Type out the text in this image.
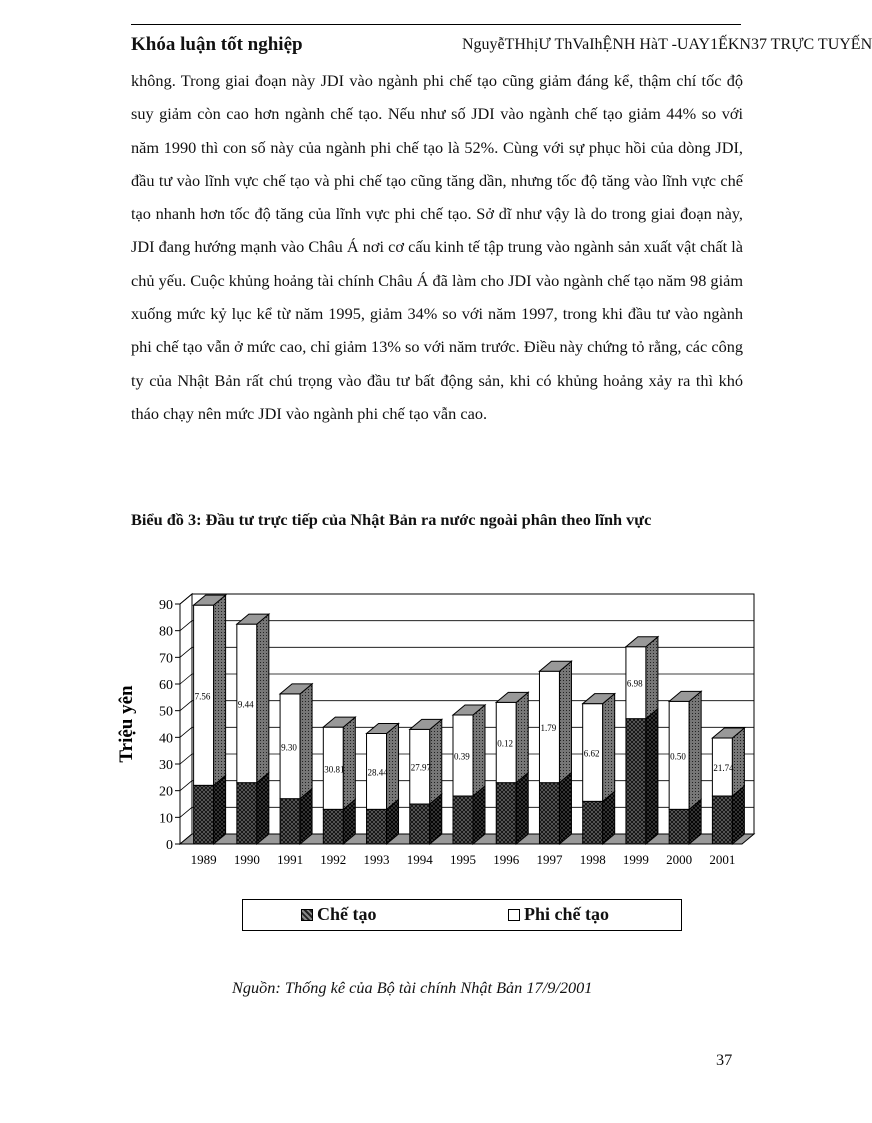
Khóa luận tốt nghiệp	NguyễTHhịƯ ThVaIhỆNH HàT -UAY1ẾKN37 TRỰC TUYẾN

không. Trong giai đoạn này JDI vào ngành phi chế tạo cũng giảm đáng kể, thậm chí tốc độ suy giảm còn cao hơn ngành chế tạo. Nếu như số JDI vào ngành chế tạo giảm 44% so với năm 1990 thì con số này của ngành phi chế tạo là 52%. Cùng với sự phục hồi của dòng JDI, đầu tư vào lĩnh vực chế tạo và phi chế tạo cũng tăng dần, nhưng tốc độ tăng vào lĩnh vực chế tạo nhanh hơn tốc độ tăng của lĩnh vực phi chế tạo. Sở dĩ như vậy là do trong giai đoạn này, JDI đang hướng mạnh vào Châu Á nơi cơ cấu kinh tế tập trung vào ngành sản xuất vật chất là chủ yếu. Cuộc khủng hoảng tài chính Châu Á đã làm cho JDI vào ngành chế tạo năm 98 giảm xuống mức kỷ lục kể từ năm 1995, giảm 34% so với năm 1997, trong khi đầu tư vào ngành phi chế tạo vẫn ở mức cao, chỉ giảm 13% so với năm trước. Điều này chứng tỏ rằng, các công ty của Nhật Bản rất chú trọng vào đầu tư bất động sản, khi có khủng hoảng xảy ra thì khó tháo chạy nên mức JDI vào ngành phi chế tạo vẫn cao.

Biểu đồ 3: Đầu tư trực tiếp của Nhật Bản ra nước ngoài phân theo lĩnh vực
0
10
20
30
40
50
60
70
80
90
7.56
1989
9.44
1990
9.30
1991
30.81
1992
28.44
1993
27.97
1994
0.39
1995
0.12
1996
1.79
1997
6.62
1998
6.98
1999
0.50
2000
21.74
2001
Triệu yên
Chế tạo	Phi chế tạo
Nguồn: Thống kê của Bộ tài chính Nhật Bản 17/9/2001
37
